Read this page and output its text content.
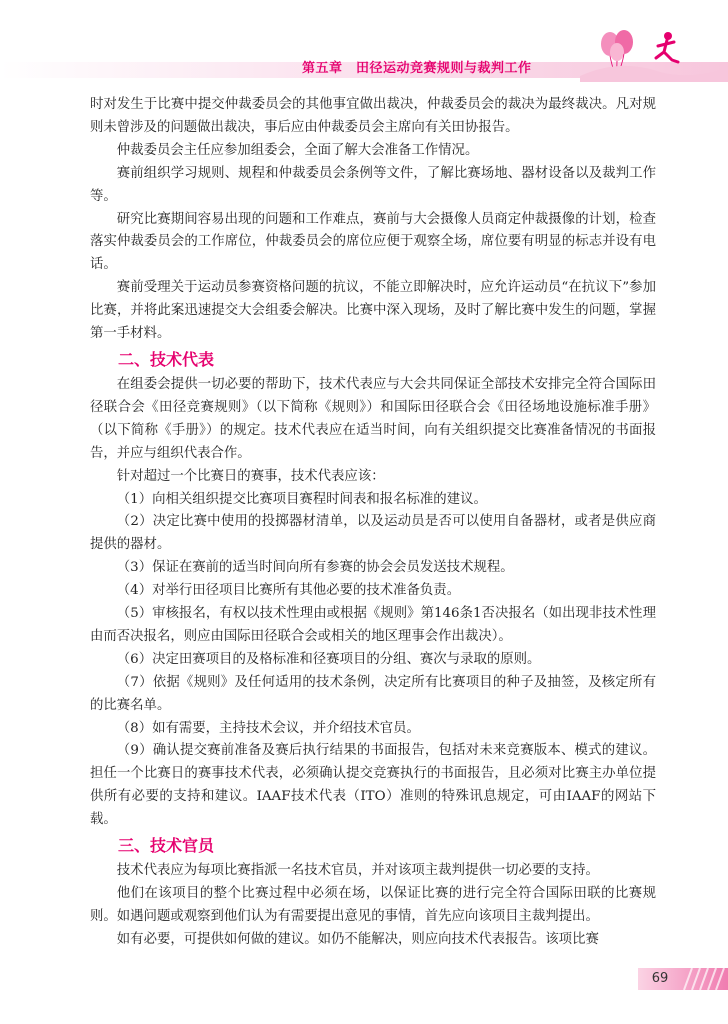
第五章　田径运动竞赛规则与裁判工作

时对发生于比赛中提交仲裁委员会的其他事宜做出裁决，仲裁委员会的裁决为最终裁决。凡对规则未曾涉及的问题做出裁决，事后应由仲裁委员会主席向有关田协报告。

仲裁委员会主任应参加组委会，全面了解大会准备工作情况。

赛前组织学习规则、规程和仲裁委员会条例等文件，了解比赛场地、器材设备以及裁判工作等。

研究比赛期间容易出现的问题和工作难点，赛前与大会摄像人员商定仲裁摄像的计划，检查落实仲裁委员会的工作席位，仲裁委员会的席位应便于观察全场，席位要有明显的标志并设有电话。

赛前受理关于运动员参赛资格问题的抗议，不能立即解决时，应允许运动员“在抗议下”参加比赛，并将此案迅速提交大会组委会解决。比赛中深入现场，及时了解比赛中发生的问题，掌握第一手材料。

二、技术代表

在组委会提供一切必要的帮助下，技术代表应与大会共同保证全部技术安排完全符合国际田径联合会《田径竞赛规则》（以下简称《规则》）和国际田径联合会《田径场地设施标准手册》（以下简称《手册》）的规定。技术代表应在适当时间，向有关组织提交比赛准备情况的书面报告，并应与组织代表合作。

针对超过一个比赛日的赛事，技术代表应该：

（1）向相关组织提交比赛项目赛程时间表和报名标准的建议。

（2）决定比赛中使用的投掷器材清单，以及运动员是否可以使用自备器材，或者是供应商提供的器材。

（3）保证在赛前的适当时间向所有参赛的协会会员发送技术规程。

（4）对举行田径项目比赛所有其他必要的技术准备负责。

（5）审核报名，有权以技术性理由或根据《规则》第146条1否决报名（如出现非技术性理由而否决报名，则应由国际田径联合会或相关的地区理事会作出裁决）。

（6）决定田赛项目的及格标准和径赛项目的分组、赛次与录取的原则。

（7）依据《规则》及任何适用的技术条例，决定所有比赛项目的种子及抽签，及核定所有的比赛名单。

（8）如有需要，主持技术会议，并介绍技术官员。

（9）确认提交赛前准备及赛后执行结果的书面报告，包括对未来竞赛版本、模式的建议。担任一个比赛日的赛事技术代表，必须确认提交竞赛执行的书面报告，且必须对比赛主办单位提供所有必要的支持和建议。IAAF技术代表（ITO）准则的特殊讯息规定，可由IAAF的网站下载。

三、技术官员

技术代表应为每项比赛指派一名技术官员，并对该项主裁判提供一切必要的支持。

他们在该项目的整个比赛过程中必须在场，以保证比赛的进行完全符合国际田联的比赛规则。如遇问题或观察到他们认为有需要提出意见的事情，首先应向该项目主裁判提出。

如有必要，可提供如何做的建议。如仍不能解决，则应向技术代表报告。该项比赛

69
